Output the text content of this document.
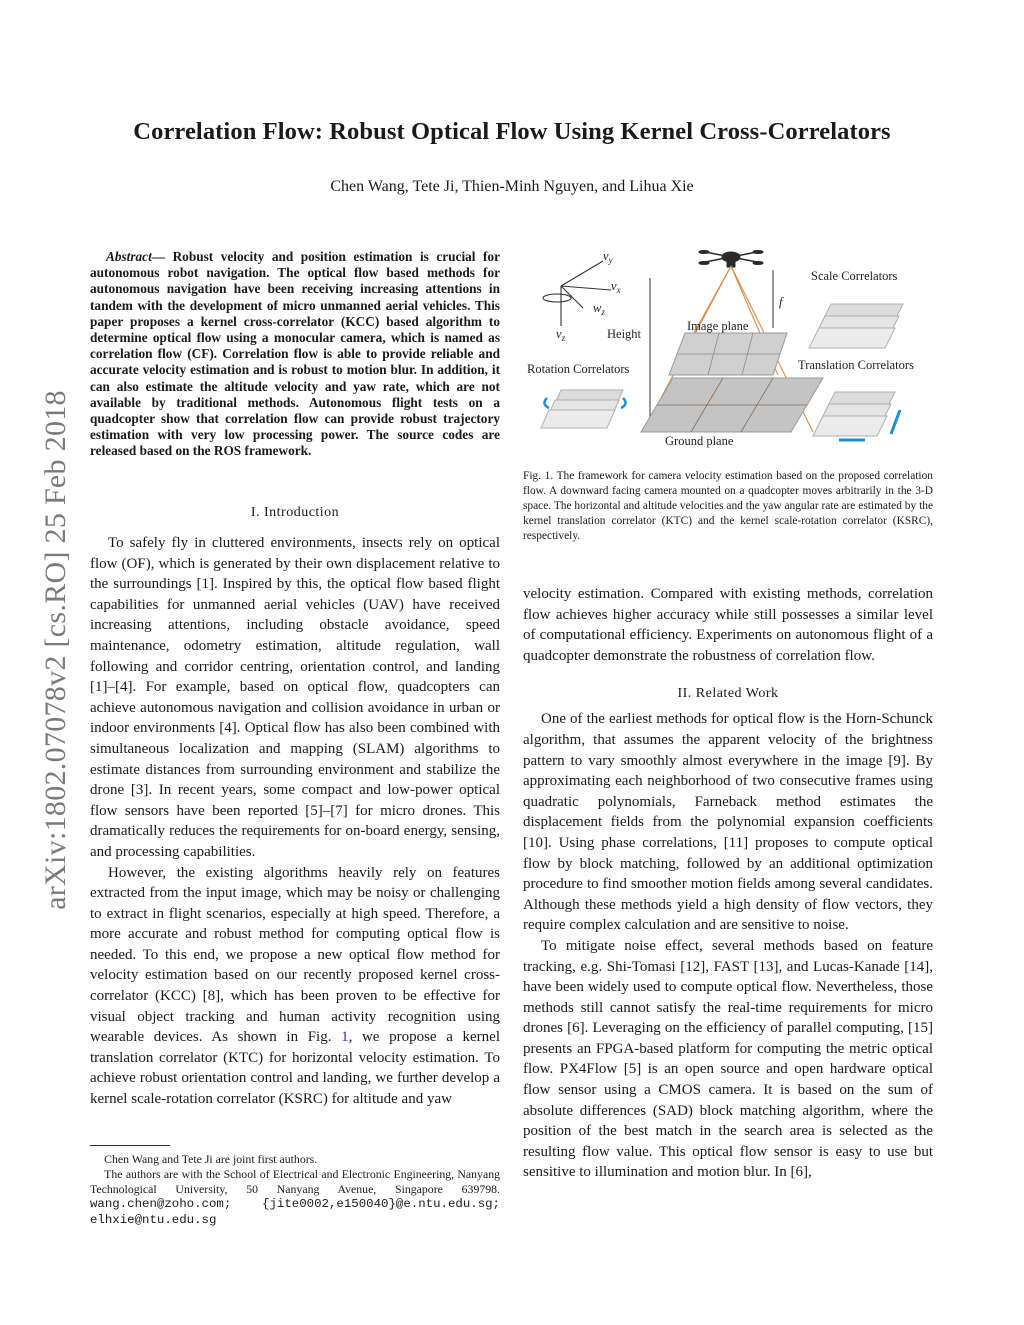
arXiv:1802.07078v2 [cs.RO] 25 Feb 2018
Correlation Flow: Robust Optical Flow Using Kernel Cross-Correlators
Chen Wang, Tete Ji, Thien-Minh Nguyen, and Lihua Xie
Abstract— Robust velocity and position estimation is crucial for autonomous robot navigation. The optical flow based methods for autonomous navigation have been receiving increasing attentions in tandem with the development of micro unmanned aerial vehicles. This paper proposes a kernel cross-correlator (KCC) based algorithm to determine optical flow using a monocular camera, which is named as correlation flow (CF). Correlation flow is able to provide reliable and accurate velocity estimation and is robust to motion blur. In addition, it can also estimate the altitude velocity and yaw rate, which are not available by traditional methods. Autonomous flight tests on a quadcopter show that correlation flow can provide robust trajectory estimation with very low processing power. The source codes are released based on the ROS framework.
I. Introduction

To safely fly in cluttered environments, insects rely on optical flow (OF), which is generated by their own displacement relative to the surroundings [1]. Inspired by this, the optical flow based flight capabilities for unmanned aerial vehicles (UAV) have received increasing attentions, including obstacle avoidance, speed maintenance, odometry estimation, altitude regulation, wall following and corridor centring, orientation control, and landing [1]–[4]. For example, based on optical flow, quadcopters can achieve autonomous navigation and collision avoidance in urban or indoor environments [4]. Optical flow has also been combined with simultaneous localization and mapping (SLAM) algorithms to estimate distances from surrounding environment and stabilize the drone [3]. In recent years, some compact and low-power optical flow sensors have been reported [5]–[7] for micro drones. This dramatically reduces the requirements for on-board energy, sensing, and processing capabilities.

However, the existing algorithms heavily rely on features extracted from the input image, which may be noisy or challenging to extract in flight scenarios, especially at high speed. Therefore, a more accurate and robust method for computing optical flow is needed. To this end, we propose a new optical flow method for velocity estimation based on our recently proposed kernel cross-correlator (KCC) [8], which has been proven to be effective for visual object tracking and human activity recognition using wearable devices. As shown in Fig. 1, we propose a kernel translation correlator (KTC) for horizontal velocity estimation. To achieve robust orientation control and landing, we further develop a kernel scale-rotation correlator (KSRC) for altitude and yaw

Chen Wang and Tete Ji are joint first authors.

The authors are with the School of Electrical and Electronic Engineering, Nanyang Technological University, 50 Nanyang Avenue, Singapore 639798. wang.chen@zoho.com; {jite0002,e150040}@e.ntu.edu.sg; elhxie@ntu.edu.sg

$v_y$
$v_x$
$w_z$
$v_z$	Height
f
Image plane
Ground plane
Scale Correlators
Translation Correlators
Rotation Correlators
Fig. 1. The framework for camera velocity estimation based on the proposed correlation flow. A downward facing camera mounted on a quadcopter moves arbitrarily in the 3-D space. The horizontal and altitude velocities and the yaw angular rate are estimated by the kernel translation correlator (KTC) and the kernel scale-rotation correlator (KSRC), respectively.

velocity estimation. Compared with existing methods, correlation flow achieves higher accuracy while still possesses a similar level of computational efficiency. Experiments on autonomous flight of a quadcopter demonstrate the robustness of correlation flow.

II. Related Work

One of the earliest methods for optical flow is the Horn-Schunck algorithm, that assumes the apparent velocity of the brightness pattern to vary smoothly almost everywhere in the image [9]. By approximating each neighborhood of two consecutive frames using quadratic polynomials, Farneback method estimates the displacement fields from the polynomial expansion coefficients [10]. Using phase correlations, [11] proposes to compute optical flow by block matching, followed by an additional optimization procedure to find smoother motion fields among several candidates. Although these methods yield a high density of flow vectors, they require complex calculation and are sensitive to noise.

To mitigate noise effect, several methods based on feature tracking, e.g. Shi-Tomasi [12], FAST [13], and Lucas-Kanade [14], have been widely used to compute optical flow. Nevertheless, those methods still cannot satisfy the real-time requirements for micro drones [6]. Leveraging on the efficiency of parallel computing, [15] presents an FPGA-based platform for computing the metric optical flow. PX4Flow [5] is an open source and open hardware optical flow sensor using a CMOS camera. It is based on the sum of absolute differences (SAD) block matching algorithm, where the position of the best match in the search area is selected as the resulting flow value. This optical flow sensor is easy to use but sensitive to illumination and motion blur. In [6],
